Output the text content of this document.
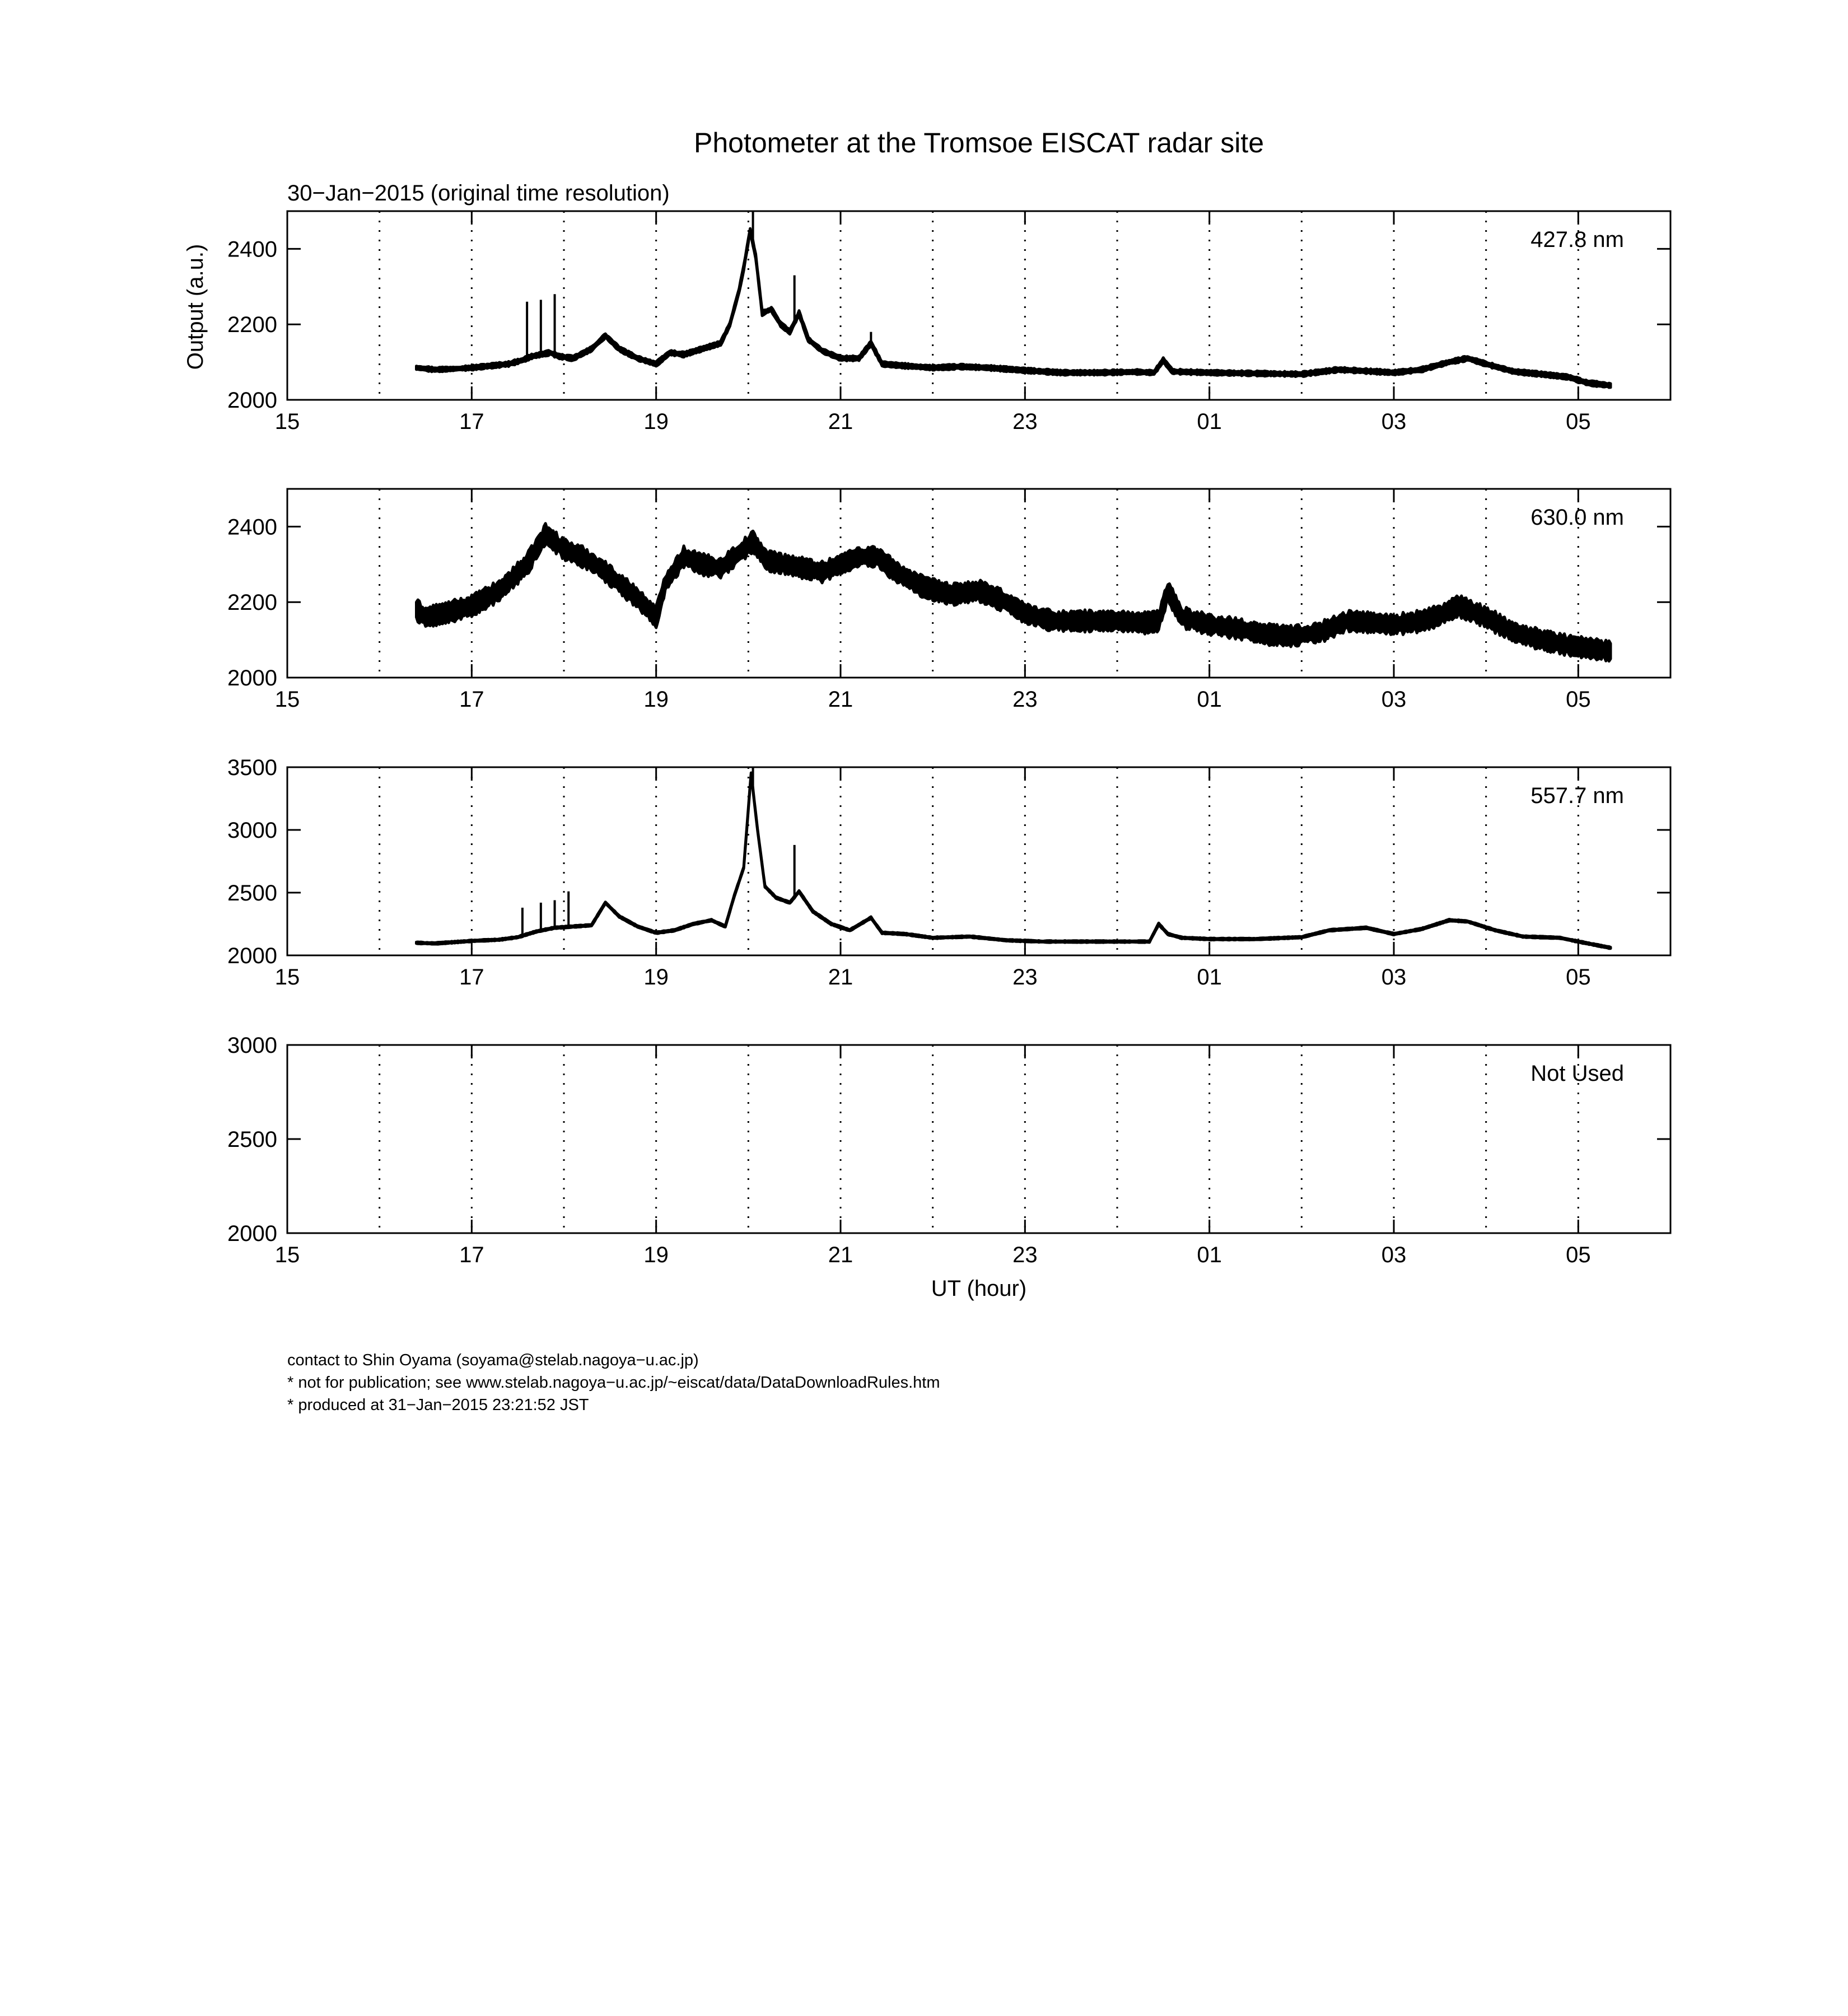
Photometer at the Tromsoe EISCAT radar site
30−Jan−2015 (original time resolution)
Output (a.u.)
UT (hour)
2000
2200
2400
15	17	19	21	23	01	03	05
427.8 nm
2000
2200
2400
15	17	19	21	23	01	03	05
630.0 nm
2000
2500
3000
3500
15	17	19	21	23	01	03	05
557.7 nm
2000
2500
3000
15	17	19	21	23	01	03	05
Not Used
contact to Shin Oyama (soyama@stelab.nagoya−u.ac.jp)
* not for publication; see www.stelab.nagoya−u.ac.jp/~eiscat/data/DataDownloadRules.htm
* produced at 31−Jan−2015 23:21:52 JST
